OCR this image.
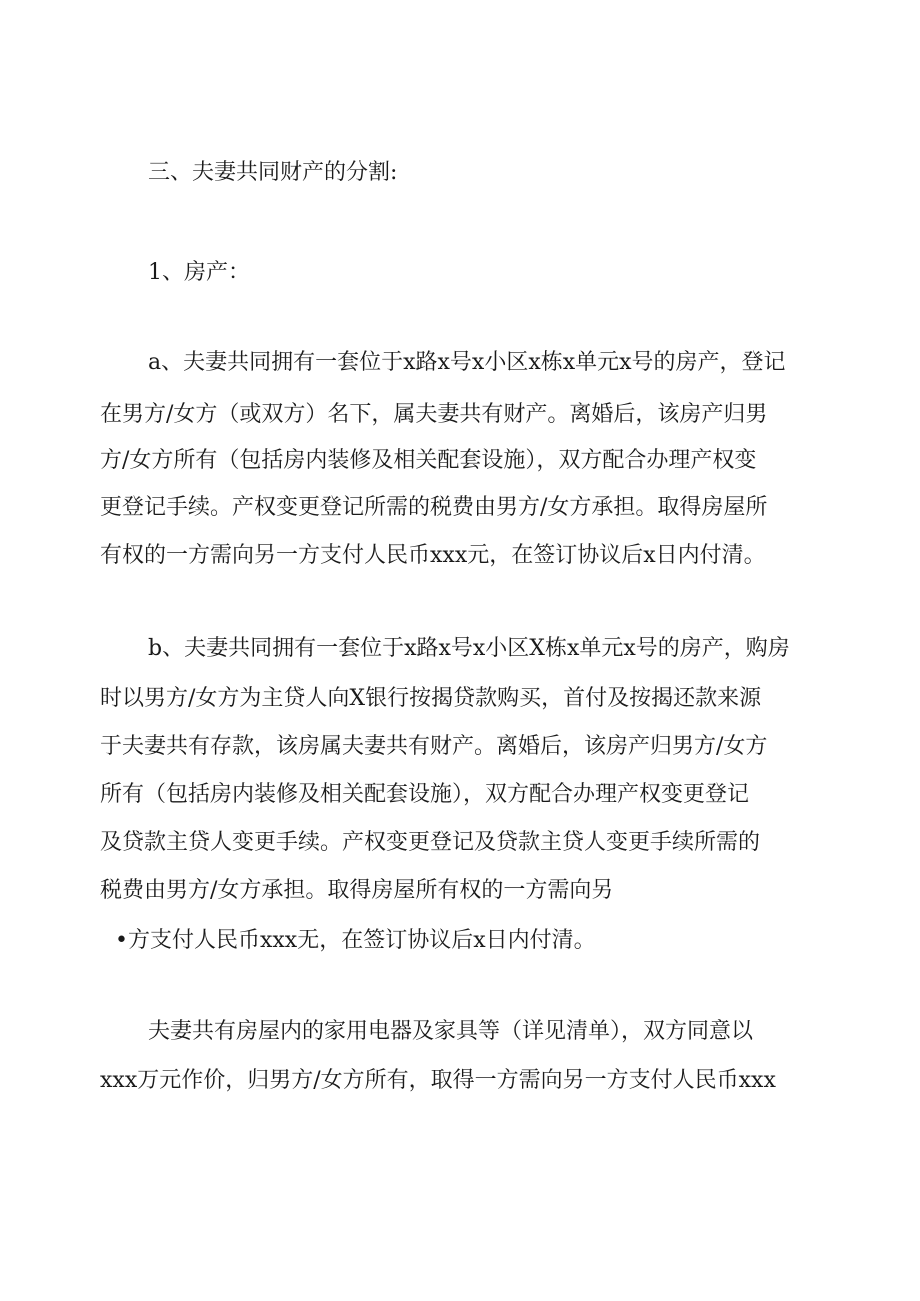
三、夫妻共同财产的分割:
1、房产：
a、夫妻共同拥有一套位于x路x号x小区x栋x单元x号的房产，登记
在男方/女方（或双方）名下，属夫妻共有财产。离婚后，该房产归男
方/女方所有（包括房内装修及相关配套设施），双方配合办理产权变
更登记手续。产权变更登记所需的税费由男方/女方承担。取得房屋所
有权的一方需向另一方支付人民币xxx元，在签订协议后x日内付清。
b、夫妻共同拥有一套位于x路x号x小区X栋x单元x号的房产，购房
时以男方/女方为主贷人向X银行按揭贷款购买，首付及按揭还款来源
于夫妻共有存款，该房属夫妻共有财产。离婚后，该房产归男方/女方
所有（包括房内装修及相关配套设施），双方配合办理产权变更登记
及贷款主贷人变更手续。产权变更登记及贷款主贷人变更手续所需的
税费由男方/女方承担。取得房屋所有权的一方需向另
•方支付人民币xxx无，在签订协议后x日内付清。
夫妻共有房屋内的家用电器及家具等（详见清单），双方同意以
xxx万元作价，归男方/女方所有，取得一方需向另一方支付人民币xxx
